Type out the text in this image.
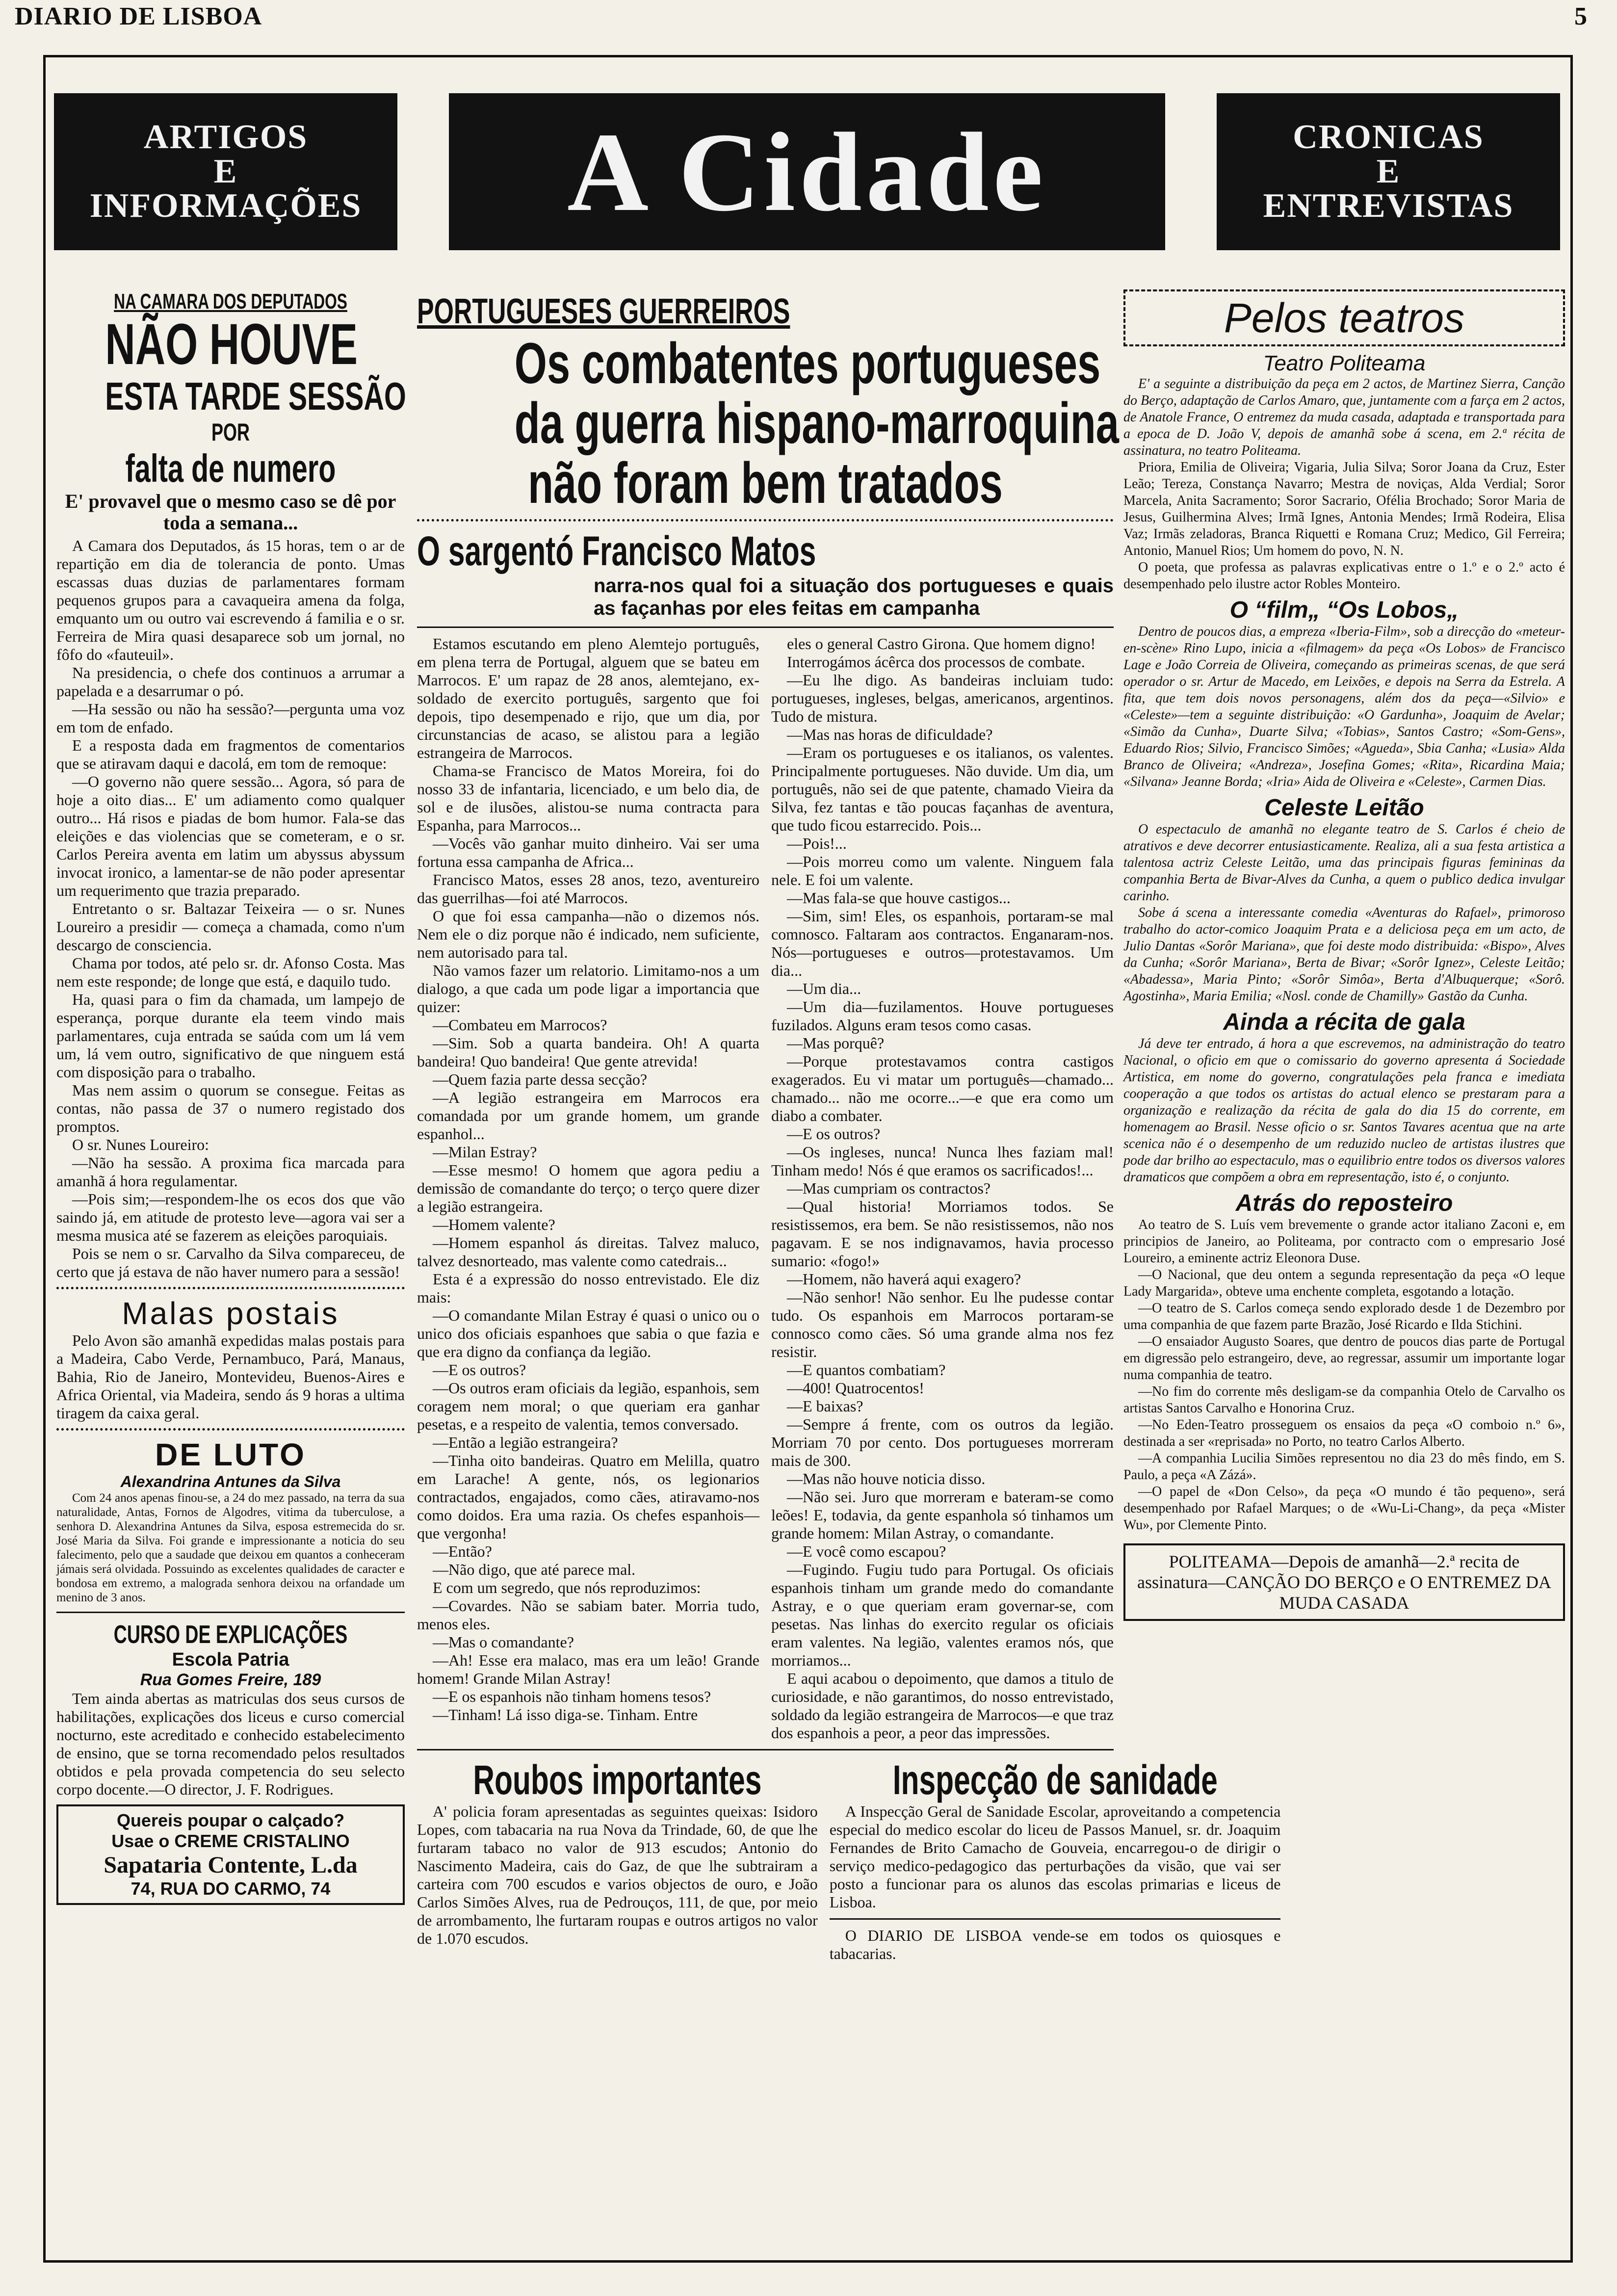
DIARIO DE LISBOA	5
ARTIGOS
E
INFORMAÇÕES	A Cidade	CRONICAS
E
ENTREVISTAS
NA CAMARA DOS DEPUTADOS
NÃO HOUVE
ESTA TARDE SESSÃO
POR
falta de numero
E' provavel que o mesmo caso se dê por toda a semana...

A Camara dos Deputados, ás 15 horas, tem o ar de repartição em dia de tolerancia de ponto. Umas escassas duas duzias de parlamentares formam pequenos grupos para a cavaqueira amena da folga, emquanto um ou outro vai escrevendo á familia e o sr. Ferreira de Mira quasi desaparece sob um jornal, no fôfo do «fauteuil».

Na presidencia, o chefe dos continuos a arrumar a papelada e a desarrumar o pó.

—Ha sessão ou não ha sessão?—pergunta uma voz em tom de enfado.

E a resposta dada em fragmentos de comentarios que se atiravam daqui e dacolá, em tom de remoque:

—O governo não quere sessão... Agora, só para de hoje a oito dias... E' um adiamento como qualquer outro... Há risos e piadas de bom humor. Fala-se das eleições e das violencias que se cometeram, e o sr. Carlos Pereira aventa em latim um abyssus abyssum invocat ironico, a lamentar-se de não poder apresentar um requerimento que trazia preparado.

Entretanto o sr. Baltazar Teixeira — o sr. Nunes Loureiro a presidir — começa a chamada, como n'um descargo de consciencia.

Chama por todos, até pelo sr. dr. Afonso Costa. Mas nem este responde; de longe que está, e daquilo tudo.

Ha, quasi para o fim da chamada, um lampejo de esperança, porque durante ela teem vindo mais parlamentares, cuja entrada se saúda com um lá vem um, lá vem outro, significativo de que ninguem está com disposição para o trabalho.

Mas nem assim o quorum se consegue. Feitas as contas, não passa de 37 o numero registado dos promptos.

O sr. Nunes Loureiro:

—Não ha sessão. A proxima fica marcada para amanhã á hora regulamentar.

—Pois sim;—respondem-lhe os ecos dos que vão saindo já, em atitude de protesto leve—agora vai ser a mesma musica até se fazerem as eleições paroquiais.

Pois se nem o sr. Carvalho da Silva compareceu, de certo que já estava de não haver numero para a sessão!

Malas postais

Pelo Avon são amanhã expedidas malas postais para a Madeira, Cabo Verde, Pernambuco, Pará, Manaus, Bahia, Rio de Janeiro, Montevideu, Buenos-Aires e Africa Oriental, via Madeira, sendo ás 9 horas a ultima tiragem da caixa geral.

DE LUTO
Alexandrina Antunes da Silva

Com 24 anos apenas finou-se, a 24 do mez passado, na terra da sua naturalidade, Antas, Fornos de Algodres, vitima da tuberculose, a senhora D. Alexandrina Antunes da Silva, esposa estremecida do sr. José Maria da Silva. Foi grande e impressionante a noticia do seu falecimento, pelo que a saudade que deixou em quantos a conheceram jámais será olvidada. Possuindo as excelentes qualidades de caracter e bondosa em extremo, a malograda senhora deixou na orfandade um menino de 3 anos.

CURSO DE EXPLICAÇÕES
Escola Patria
Rua Gomes Freire, 189

Tem ainda abertas as matriculas dos seus cursos de habilitações, explicações dos liceus e curso comercial nocturno, este acreditado e conhecido estabelecimento de ensino, que se torna recomendado pelos resultados obtidos e pela provada competencia do seu selecto corpo docente.—O director, J. F. Rodrigues.

Quereis poupar o calçado?
Usae o CREME CRISTALINO
Sapataria Contente, L.da
74, RUA DO CARMO, 74
PORTUGUESES GUERREIROS
Os combatentes portugueses
da guerra hispano-marroquina
não foram bem tratados
O sargentó Francisco Matos
narra-nos qual foi a situação dos portugueses e quais as façanhas por eles feitas em campanha

Estamos escutando em pleno Alemtejo português, em plena terra de Portugal, alguem que se bateu em Marrocos. E' um rapaz de 28 anos, alemtejano, ex-soldado de exercito português, sargento que foi depois, tipo desempenado e rijo, que um dia, por circunstancias de acaso, se alistou para a legião estrangeira de Marrocos.

Chama-se Francisco de Matos Moreira, foi do nosso 33 de infantaria, licenciado, e um belo dia, de sol e de ilusões, alistou-se numa contracta para Espanha, para Marrocos...

—Vocês vão ganhar muito dinheiro. Vai ser uma fortuna essa campanha de Africa...

Francisco Matos, esses 28 anos, tezo, aventureiro das guerrilhas—foi até Marrocos.

O que foi essa campanha—não o dizemos nós. Nem ele o diz porque não é indicado, nem suficiente, nem autorisado para tal.

Não vamos fazer um relatorio. Limitamo-nos a um dialogo, a que cada um pode ligar a importancia que quizer:

—Combateu em Marrocos?

—Sim. Sob a quarta bandeira. Oh! A quarta bandeira! Quo bandeira! Que gente atrevida!

—Quem fazia parte dessa secção?

—A legião estrangeira em Marrocos era comandada por um grande homem, um grande espanhol...

—Milan Estray?

—Esse mesmo! O homem que agora pediu a demissão de comandante do terço; o terço quere dizer a legião estrangeira.

—Homem valente?

—Homem espanhol ás direitas. Talvez maluco, talvez desnorteado, mas valente como catedrais...

Esta é a expressão do nosso entrevistado. Ele diz mais:

—O comandante Milan Estray é quasi o unico ou o unico dos oficiais espanhoes que sabia o que fazia e que era digno da confiança da legião.

—E os outros?

—Os outros eram oficiais da legião, espanhois, sem coragem nem moral; o que queriam era ganhar pesetas, e a respeito de valentia, temos conversado.

—Então a legião estrangeira?

—Tinha oito bandeiras. Quatro em Melilla, quatro em Larache! A gente, nós, os legionarios contractados, engajados, como cães, atiravamo-nos como doidos. Era uma razia. Os chefes espanhois—que vergonha!

—Então?

—Não digo, que até parece mal.

E com um segredo, que nós reproduzimos:

—Covardes. Não se sabiam bater. Morria tudo, menos eles.

—Mas o comandante?

—Ah! Esse era malaco, mas era um leão! Grande homem! Grande Milan Astray!

—E os espanhois não tinham homens tesos?

—Tinham! Lá isso diga-se. Tinham. Entre

eles o general Castro Girona. Que homem digno!

Interrogámos ácêrca dos processos de combate.

—Eu lhe digo. As bandeiras incluiam tudo: portugueses, ingleses, belgas, americanos, argentinos. Tudo de mistura.

—Mas nas horas de dificuldade?

—Eram os portugueses e os italianos, os valentes. Principalmente portugueses. Não duvide. Um dia, um português, não sei de que patente, chamado Vieira da Silva, fez tantas e tão poucas façanhas de aventura, que tudo ficou estarrecido. Pois...

—Pois!...

—Pois morreu como um valente. Ninguem fala nele. E foi um valente.

—Mas fala-se que houve castigos...

—Sim, sim! Eles, os espanhois, portaram-se mal comnosco. Faltaram aos contractos. Enganaram-nos. Nós—portugueses e outros—protestavamos. Um dia...

—Um dia...

—Um dia—fuzilamentos. Houve portugueses fuzilados. Alguns eram tesos como casas.

—Mas porquê?

—Porque protestavamos contra castigos exagerados. Eu vi matar um português—chamado... chamado... não me ocorre...—e que era como um diabo a combater.

—E os outros?

—Os ingleses, nunca! Nunca lhes faziam mal! Tinham medo! Nós é que eramos os sacrificados!...

—Mas cumpriam os contractos?

—Qual historia! Morriamos todos. Se resistissemos, era bem. Se não resistissemos, não nos pagavam. E se nos indignavamos, havia processo sumario: «fogo!»

—Homem, não haverá aqui exagero?

—Não senhor! Não senhor. Eu lhe pudesse contar tudo. Os espanhois em Marrocos portaram-se connosco como cães. Só uma grande alma nos fez resistir.

—E quantos combatiam?

—400! Quatrocentos!

—E baixas?

—Sempre á frente, com os outros da legião. Morriam 70 por cento. Dos portugueses morreram mais de 300.

—Mas não houve noticia disso.

—Não sei. Juro que morreram e bateram-se como leões! E, todavia, da gente espanhola só tinhamos um grande homem: Milan Astray, o comandante.

—E você como escapou?

—Fugindo. Fugiu tudo para Portugal. Os oficiais espanhois tinham um grande medo do comandante Astray, e o que queriam eram governar-se, com pesetas. Nas linhas do exercito regular os oficiais eram valentes. Na legião, valentes eramos nós, que morriamos...

E aqui acabou o depoimento, que damos a titulo de curiosidade, e não garantimos, do nosso entrevistado, soldado da legião estrangeira de Marrocos—e que traz dos espanhois a peor, a peor das impressões.

Roubos importantes

A' policia foram apresentadas as seguintes queixas: Isidoro Lopes, com tabacaria na rua Nova da Trindade, 60, de que lhe furtaram tabaco no valor de 913 escudos; Antonio do Nascimento Madeira, cais do Gaz, de que lhe subtrairam a carteira com 700 escudos e varios objectos de ouro, e João Carlos Simões Alves, rua de Pedrouços, 111, de que, por meio de arrombamento, lhe furtaram roupas e outros artigos no valor de 1.070 escudos.

Inspecção de sanidade

A Inspecção Geral de Sanidade Escolar, aproveitando a competencia especial do medico escolar do liceu de Passos Manuel, sr. dr. Joaquim Fernandes de Brito Camacho de Gouveia, encarregou-o de dirigir o serviço medico-pedagogico das perturbações da visão, que vai ser posto a funcionar para os alunos das escolas primarias e liceus de Lisboa.

O DIARIO DE LISBOA vende-se em todos os quiosques e tabacarias.

Pelos teatros
Teatro Politeama

E' a seguinte a distribuição da peça em 2 actos, de Martinez Sierra, Canção do Berço, adaptação de Carlos Amaro, que, juntamente com a farça em 2 actos, de Anatole France, O entremez da muda casada, adaptada e transportada para a epoca de D. João V, depois de amanhã sobe á scena, em 2.ª récita de assinatura, no teatro Politeama.

Priora, Emilia de Oliveira; Vigaria, Julia Silva; Soror Joana da Cruz, Ester Leão; Tereza, Constança Navarro; Mestra de noviças, Alda Verdial; Soror Marcela, Anita Sacramento; Soror Sacrario, Ofélia Brochado; Soror Maria de Jesus, Guilhermina Alves; Irmã Ignes, Antonia Mendes; Irmã Rodeira, Elisa Vaz; Irmãs zeladoras, Branca Riquetti e Romana Cruz; Medico, Gil Ferreira; Antonio, Manuel Rios; Um homem do povo, N. N.

O poeta, que professa as palavras explicativas entre o 1.º e o 2.º acto é desempenhado pelo ilustre actor Robles Monteiro.

O “film„ “Os Lobos„

Dentro de poucos dias, a empreza «Iberia-Film», sob a direcção do «meteur-en-scène» Rino Lupo, inicia a «filmagem» da peça «Os Lobos» de Francisco Lage e João Correia de Oliveira, começando as primeiras scenas, de que será operador o sr. Artur de Macedo, em Leixões, e depois na Serra da Estrela. A fita, que tem dois novos personagens, além dos da peça—«Silvio» e «Celeste»—tem a seguinte distribuição: «O Gardunha», Joaquim de Avelar; «Simão da Cunha», Duarte Silva; «Tobias», Santos Castro; «Som-Gens», Eduardo Rios; Silvio, Francisco Simões; «Agueda», Sbia Canha; «Lusia» Alda Branco de Oliveira; «Andreza», Josefina Gomes; «Rita», Ricardina Maia; «Silvana» Jeanne Borda; «Iria» Aida de Oliveira e «Celeste», Carmen Dias.

Celeste Leitão

O espectaculo de amanhã no elegante teatro de S. Carlos é cheio de atrativos e deve decorrer entusiasticamente. Realiza, ali a sua festa artistica a talentosa actriz Celeste Leitão, uma das principais figuras femininas da companhia Berta de Bivar-Alves da Cunha, a quem o publico dedica invulgar carinho.

Sobe á scena a interessante comedia «Aventuras do Rafael», primoroso trabalho do actor-comico Joaquim Prata e a deliciosa peça em um acto, de Julio Dantas «Sorôr Mariana», que foi deste modo distribuida: «Bispo», Alves da Cunha; «Sorôr Mariana», Berta de Bivar; «Sorôr Ignez», Celeste Leitão; «Abadessa», Maria Pinto; «Sorôr Simôa», Berta d'Albuquerque; «Sorô. Agostinha», Maria Emilia; «Nosl. conde de Chamilly» Gastão da Cunha.

Ainda a récita de gala

Já deve ter entrado, á hora a que escrevemos, na administração do teatro Nacional, o oficio em que o comissario do governo apresenta á Sociedade Artistica, em nome do governo, congratulações pela franca e imediata cooperação a que todos os artistas do actual elenco se prestaram para a organização e realização da récita de gala do dia 15 do corrente, em homenagem ao Brasil. Nesse oficio o sr. Santos Tavares acentua que na arte scenica não é o desempenho de um reduzido nucleo de artistas ilustres que pode dar brilho ao espectaculo, mas o equilibrio entre todos os diversos valores dramaticos que compõem a obra em representação, isto é, o conjunto.

Atrás do reposteiro

Ao teatro de S. Luís vem brevemente o grande actor italiano Zaconi e, em principios de Janeiro, ao Politeama, por contracto com o empresario José Loureiro, a eminente actriz Eleonora Duse.

—O Nacional, que deu ontem a segunda representação da peça «O leque Lady Margarida», obteve uma enchente completa, esgotando a lotação.

—O teatro de S. Carlos começa sendo explorado desde 1 de Dezembro por uma companhia de que fazem parte Brazão, José Ricardo e Ilda Stichini.

—O ensaiador Augusto Soares, que dentro de poucos dias parte de Portugal em digressão pelo estrangeiro, deve, ao regressar, assumir um importante logar numa companhia de teatro.

—No fim do corrente mês desligam-se da companhia Otelo de Carvalho os artistas Santos Carvalho e Honorina Cruz.

—No Eden-Teatro prosseguem os ensaios da peça «O comboio n.º 6», destinada a ser «reprisada» no Porto, no teatro Carlos Alberto.

—A companhia Lucilia Simões representou no dia 23 do mês findo, em S. Paulo, a peça «A Zázá».

—O papel de «Don Celso», da peça «O mundo é tão pequeno», será desempenhado por Rafael Marques; o de «Wu-Li-Chang», da peça «Mister Wu», por Clemente Pinto.

POLITEAMA—Depois de amanhã—2.ª recita de assinatura—CANÇÃO DO BERÇO e O ENTREMEZ DA MUDA CASADA
